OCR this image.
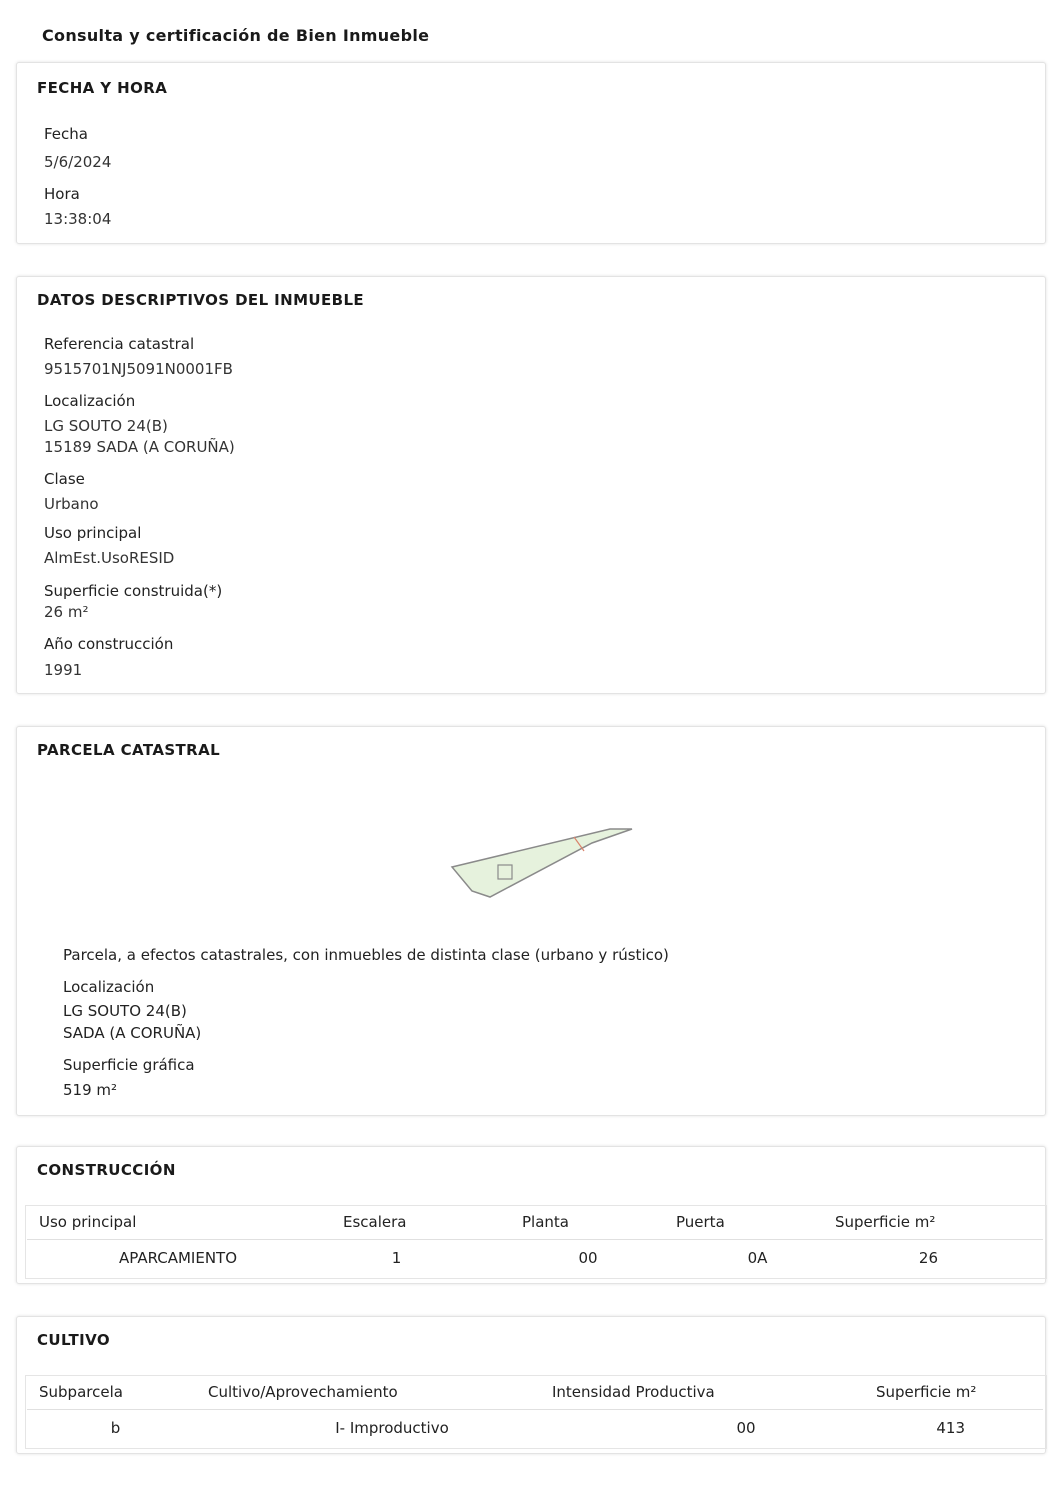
Consulta y certificación de Bien Inmueble
FECHA Y HORA
Fecha
5/6/2024
Hora
13:38:04
DATOS DESCRIPTIVOS DEL INMUEBLE
Referencia catastral
9515701NJ5091N0001FB
Localización
LG SOUTO 24(B)
15189 SADA (A CORUÑA)
Clase
Urbano
Uso principal
AlmEst.UsoRESID
Superficie construida(*)
26 m²
Año construcción
1991
PARCELA CATASTRAL
Parcela, a efectos catastrales, con inmuebles de distinta clase (urbano y rústico)
Localización
LG SOUTO 24(B)
SADA (A CORUÑA)
Superficie gráfica
519 m²
CONSTRUCCIÓN
Uso principal	Escalera	Planta	Puerta	Superficie m²
APARCAMIENTO	1	00	0A	26
CULTIVO
Subparcela	Cultivo/Aprovechamiento	Intensidad Productiva	Superficie m²
b	I- Improductivo	00	413
